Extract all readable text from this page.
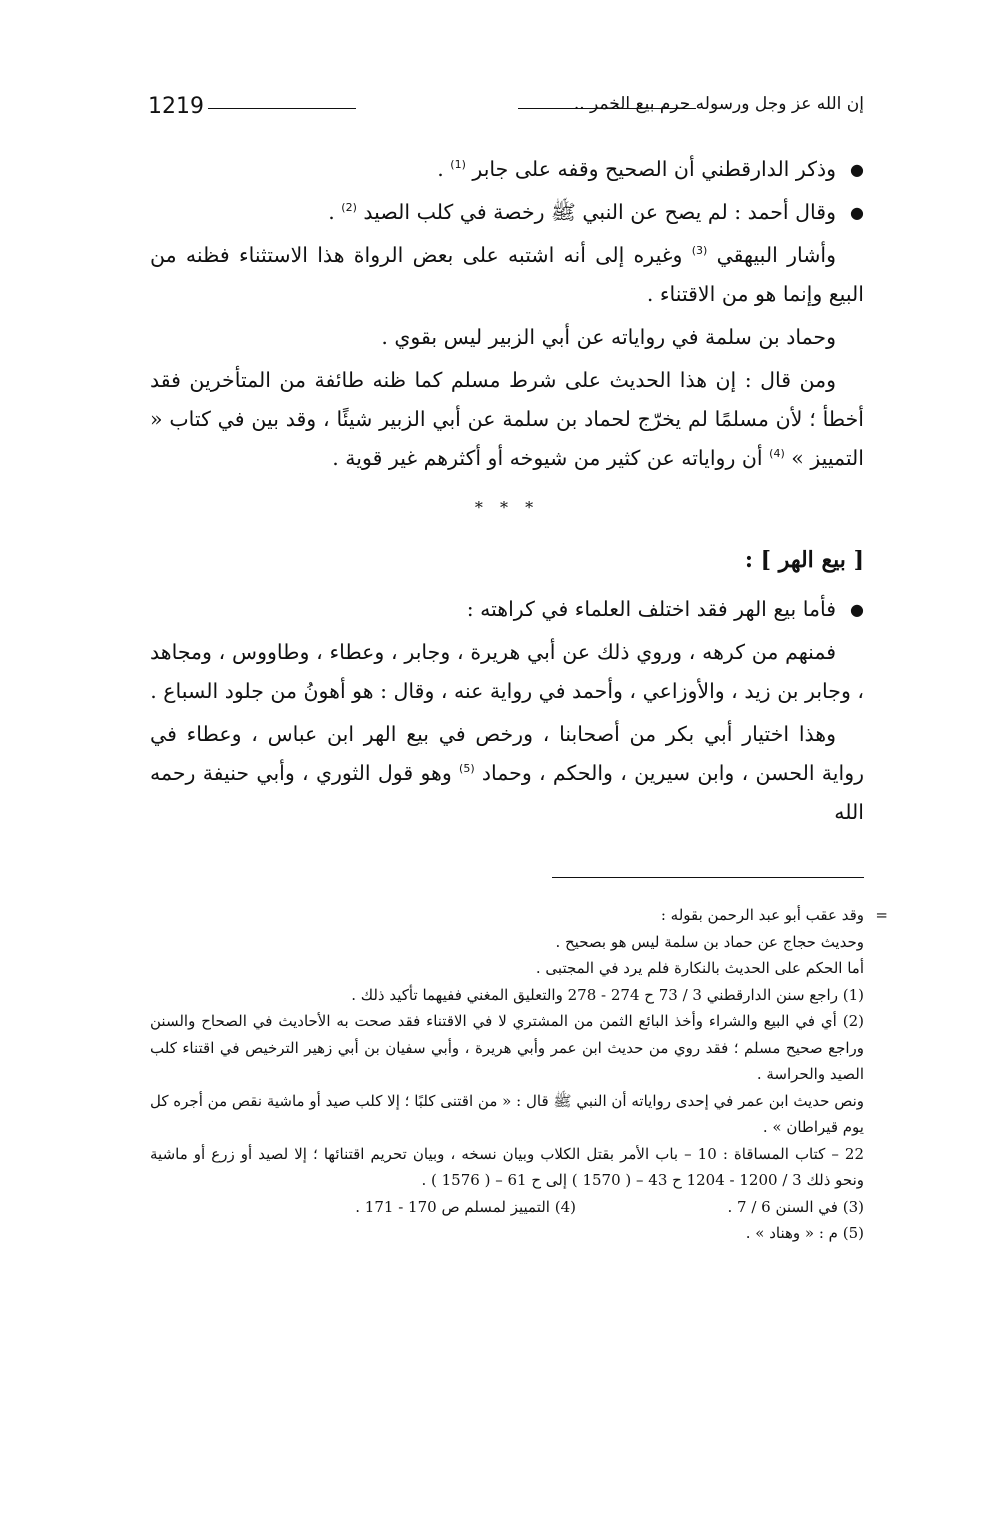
1219	إن الله عز وجل ورسوله حرم بيع الخمر ..

●
وذكر الدارقطني أن الصحيح وقفه على جابر $^{(1)}$ .

●
وقال أحمد : لم يصح عن النبي ﷺ رخصة في كلب الصيد $^{(2)}$ .

وأشار البيهقي $^{(3)}$ وغيره إلى أنه اشتبه على بعض الرواة هذا الاستثناء فظنه من البيع وإنما هو من الاقتناء .

وحماد بن سلمة في رواياته عن أبي الزبير ليس بقوي .

ومن قال : إن هذا الحديث على شرط مسلم كما ظنه طائفة من المتأخرين فقد أخطأ ؛ لأن مسلمًا لم يخرّج لحماد بن سلمة عن أبي الزبير شيئًا ، وقد بين في كتاب « التمييز » $^{(4)}$ أن رواياته عن كثير من شيوخه أو أكثرهم غير قوية .

* * *
[ بيع الهر ] :

●
فأما بيع الهر فقد اختلف العلماء في كراهته :

فمنهم من كرهه ، وروي ذلك عن أبي هريرة ، وجابر ، وعطاء ، وطاووس ، ومجاهد ، وجابر بن زيد ، والأوزاعي ، وأحمد في رواية عنه ، وقال : هو أهونُ من جلود السباع .

وهذا اختيار أبي بكر من أصحابنا ، ورخص في بيع الهر ابن عباس ، وعطاء في رواية الحسن ، وابن سيرين ، والحكم ، وحماد $^{(5)}$ وهو قول الثوري ، وأبي حنيفة رحمه الله

=

وقد عقب أبو عبد الرحمن بقوله :

وحديث حجاج عن حماد بن سلمة ليس هو بصحيح .

أما الحكم على الحديث بالنكارة فلم يرد في المجتبى .

(1) راجع سنن الدارقطني 3 / 73 ح 274 - 278 والتعليق المغني ففيهما تأكيد ذلك .

(2) أي في البيع والشراء وأخذ البائع الثمن من المشتري لا في الاقتناء فقد صحت به الأحاديث في الصحاح والسنن وراجع صحيح مسلم ؛ فقد روي من حديث ابن عمر وأبي هريرة ، وأبي سفيان بن أبي زهير الترخيص في اقتناء كلب الصيد والحراسة .

ونص حديث ابن عمر في إحدى رواياته أن النبي ﷺ قال : « من اقتنى كلبًا ؛ إلا كلب صيد أو ماشية نقص من أجره كل يوم قيراطان » .

22 – كتاب المساقاة : 10 – باب الأمر بقتل الكلاب وبيان نسخه ، وبيان تحريم اقتنائها ؛ إلا لصيد أو زرع أو ماشية ونحو ذلك 3 / 1200 - 1204 ح 43 – ( 1570 ) إلى ح 61 – ( 1576 ) .

(3) في السنن 6 / 7 .
(4) التمييز لمسلم ص 170 - 171 .

(5) م : « وهناد » .
